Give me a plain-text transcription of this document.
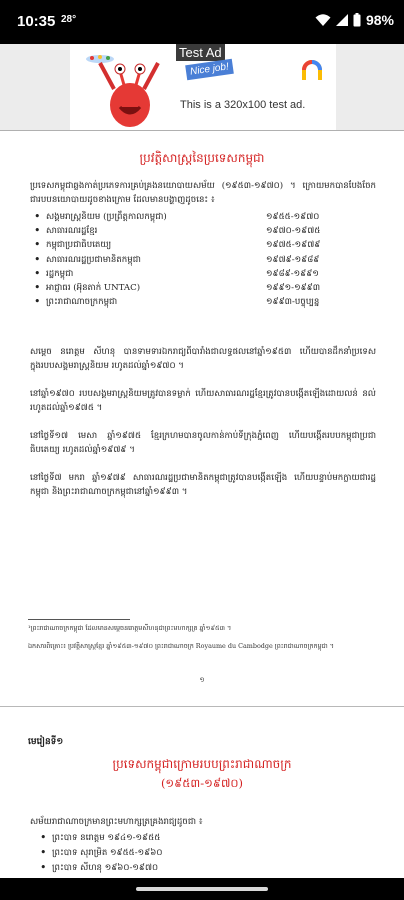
10:35 28°	98%
Test Ad
Nice job!
This is a 320x100 test ad.
ប្រវត្តិសាស្ត្រនៃប្រទេសកម្ពុជា
ប្រទេសកម្ពុជាឆ្លងកាត់ប្រភេទការគ្រប់គ្រងនយោបាយសម័យ (១៩៥៣-១៩៧០) ។ ក្រោយមកបានបែងចែកជារបបនយោបាយដូចខាងក្រោម ដែលមានបង្ហាញដូចនេះ ៖
• សង្គមរាស្ត្រនិយម (ប្រព្រឹត្តកាលកម្ពុជា)	១៩៥៥-១៩៧០
• សាធារណរដ្ឋខ្មែរ	១៩៧០-១៩៧៥
• កម្ពុជាប្រជាធិបតេយ្យ	១៩៧៥-១៩៧៩
• សាធារណរដ្ឋប្រជាមានិតកម្ពុជា	១៩៧៩-១៩៨៩
• រដ្ឋកម្ពុជា	១៩៨៩-១៩៩១
• អាជ្ញាធរ (អ៊ុនតាក់ UNTAC)	១៩៩១-១៩៩៣
• ព្រះរាជាណាចក្រកម្ពុជា	១៩៩៣-បច្ចុប្បន្ន
សម្តេច នរោត្តម សីហនុ បានទាមទារឯករាជ្យពីបារាំងជាលទ្ធផលនៅឆ្នាំ១៩៥៣ ហើយបានដឹកនាំប្រទេសក្នុងរបបសង្គមរាស្ត្រនិយម រហូតដល់ឆ្នាំ១៩៧០ ។
នៅឆ្នាំ១៩៧០ របបសង្គមរាស្ត្រនិយមត្រូវបានទម្លាក់ ហើយសាធារណរដ្ឋខ្មែរត្រូវបានបង្កើតឡើងដោយលន់ នល់ រហូតដល់ឆ្នាំ១៩៧៥ ។
នៅថ្ងៃទី១៧ មេសា ឆ្នាំ១៩៧៥ ខ្មែរក្រហមបានចូលកាន់កាប់ទីក្រុងភ្នំពេញ ហើយបង្កើតរបបកម្ពុជាប្រជាធិបតេយ្យ រហូតដល់ឆ្នាំ១៩៧៩ ។
នៅថ្ងៃទី៧ មករា ឆ្នាំ១៩៧៩ សាធារណរដ្ឋប្រជាមានិតកម្ពុជាត្រូវបានបង្កើតឡើង ហើយបន្ទាប់មកក្លាយជារដ្ឋកម្ពុជា និងព្រះរាជាណាចក្រកម្ពុជានៅឆ្នាំ១៩៩៣ ។
¹ព្រះរាជាណាចក្រកម្ពុជា ដែលមានសម្តេចនរោត្តមសីហនុជាព្រះមហាក្សត្រ ឆ្នាំ១៩៥៣ ។
ឯកសារពិគ្រោះ៖ ប្រវត្តិសាស្ត្រខ្មែរ ឆ្នាំ១៩៥៣-១៩៧០ ព្រះរាជាណាចក្រ Royaume du Cambodge ព្រះរាជាណាចក្រកម្ពុជា ។
១
មេរៀនទី១
ប្រទេសកម្ពុជាក្រោមរបបព្រះរាជាណាចក្រ
(១៩៥៣-១៩៧០)
សម័យរាជាណាចក្រមានព្រះមហាក្សត្រគ្រងរាជ្យដូចជា ៖
• ព្រះបាទ នរោត្តម ១៩៤១-១៩៥៥
• ព្រះបាទ សុរាម្រិត ១៩៥៥-១៩៦០
• ព្រះបាទ សីហនុ ១៩៦០-១៩៧០
